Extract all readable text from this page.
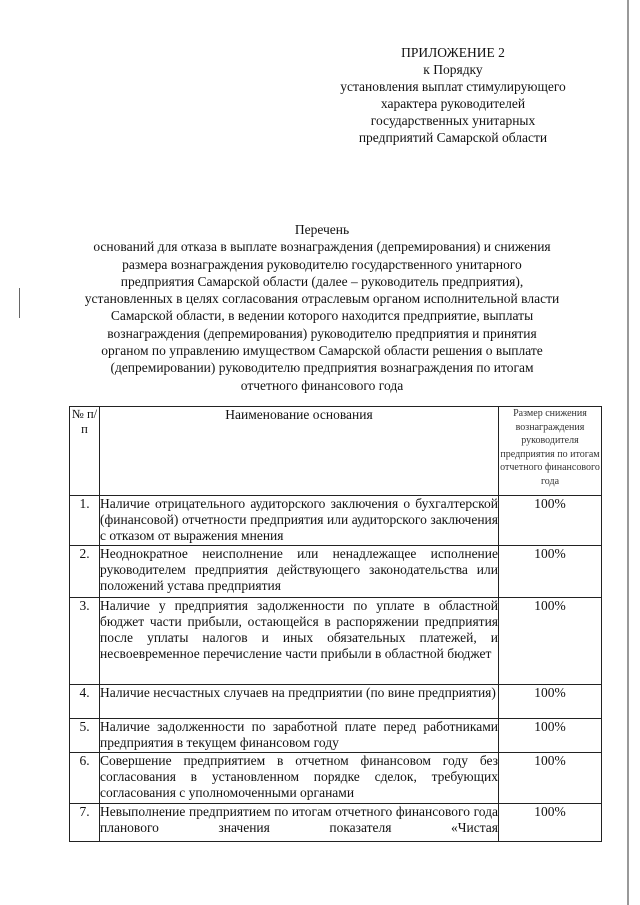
ПРИЛОЖЕНИЕ 2
к Порядку
установления выплат стимулирующего
характера руководителей
государственных унитарных
предприятий Самарской области
Перечень
оснований для отказа в выплате вознаграждения (депремирования) и снижения
размера вознаграждения руководителю государственного унитарного
предприятия Самарской области (далее – руководитель предприятия),
установленных в целях согласования отраслевым органом исполнительной власти
Самарской области, в ведении которого находится предприятие, выплаты
вознаграждения (депремирования) руководителю предприятия и принятия
органом по управлению имуществом Самарской области решения о выплате
(депремировании) руководителю предприятия вознаграждения по итогам
отчетного финансового года
№ п/п	Наименование основания	Размер снижения вознаграждения руководителя предприятия по итогам отчетного финансового года
1.	Наличие отрицательного аудиторского заключения о бухгалтерской (финансовой) отчетности предприятия или аудиторского заключения с отказом от выражения мнения	100%
2.	Неоднократное неисполнение или ненадлежащее исполнение руководителем предприятия действующего законодательства или положений устава предприятия	100%
3.	Наличие у предприятия задолженности по уплате в областной бюджет части прибыли, остающейся в распоряжении предприятия после уплаты налогов и иных обязательных платежей, и несвоевременное перечисление части прибыли в областной бюджет	100%
4.	Наличие несчастных случаев на предприятии (по вине предприятия)	100%
5.	Наличие задолженности по заработной плате перед работниками предприятия в текущем финансовом году	100%
6.	Совершение предприятием в отчетном финансовом году без согласования в установленном порядке сделок, требующих согласования с уполномоченными органами	100%
7.	Невыполнение предприятием по итогам отчетного финансового года планового значения показателя «Чистая	100%
